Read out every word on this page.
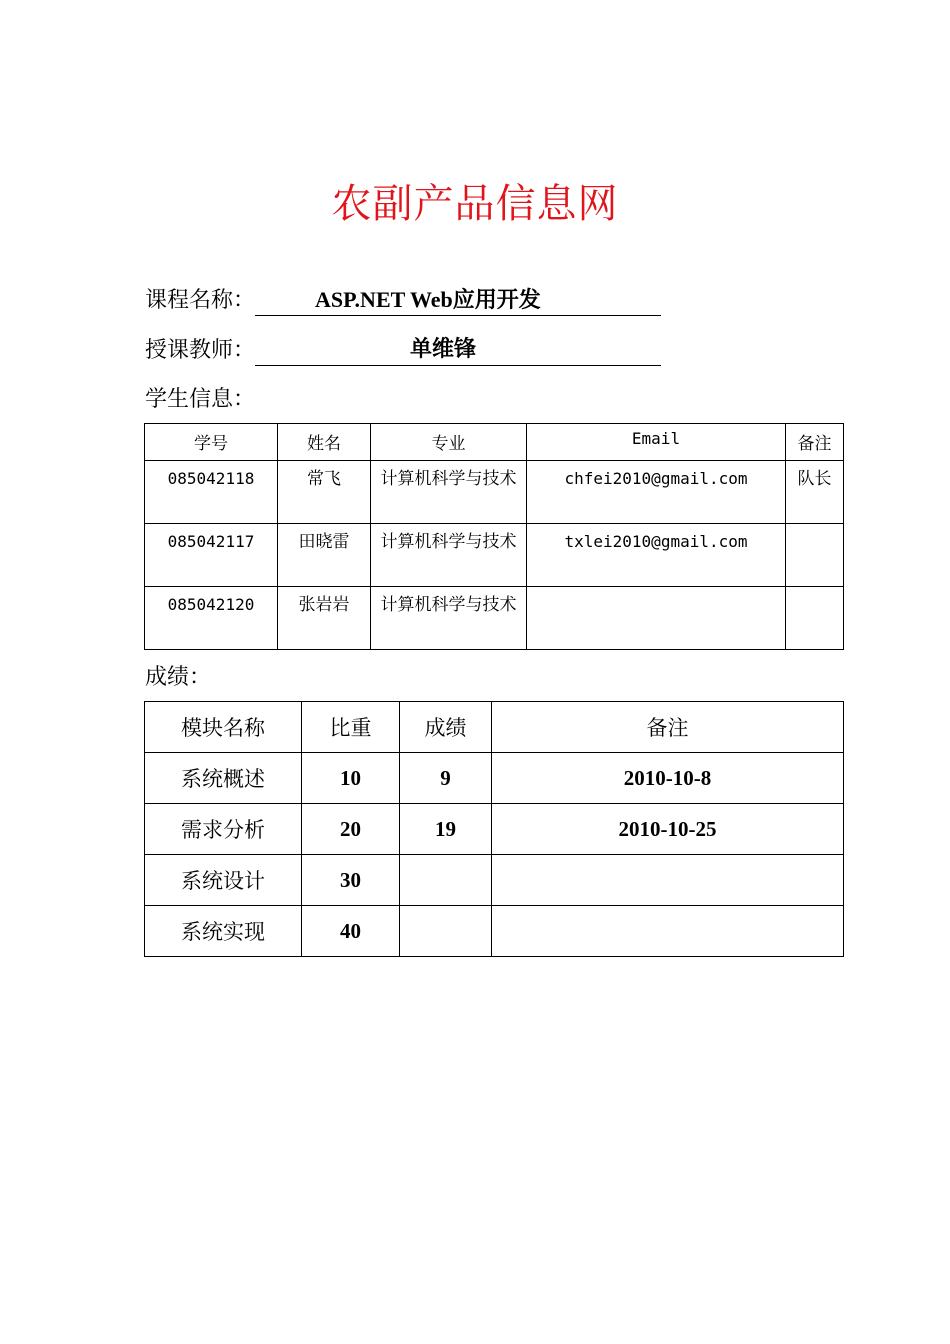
农副产品信息网
课程名称：	ASP.NET Web应用开发
授课教师：	单维锋
学生信息：
学号	姓名	专业	Email	备注
085042118	常飞	计算机科学与技术	chfei2010@gmail.com	队长
085042117	田晓雷	计算机科学与技术	txlei2010@gmail.com	
085042120	张岩岩	计算机科学与技术		
成绩：
模块名称	比重	成绩	备注
系统概述	10	9	2010-10-8
需求分析	20	19	2010-10-25
系统设计	30		
系统实现	40		
